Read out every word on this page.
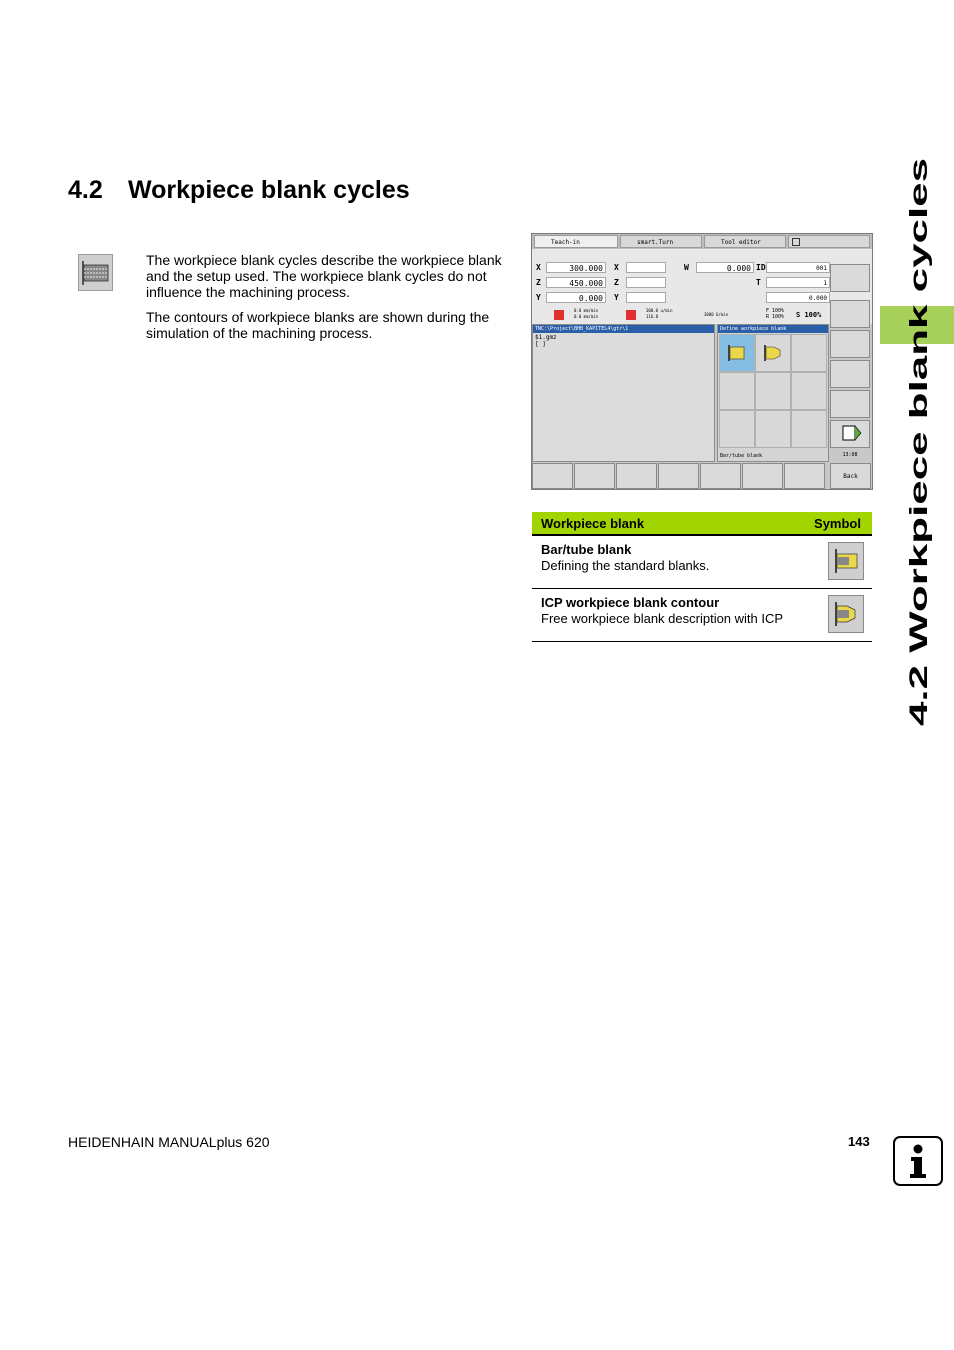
4.2 Workpiece blank cycles
4.2 Workpiece blank cycles

The workpiece blank cycles describe the workpiece blank and the setup used. The workpiece blank cycles do not influence the machining process.

The contours of workpiece blanks are shown during the simulation of the machining process.

Teach-in	smart.Turn	Tool editor
X	300.000	X	W	0.000 ID	001
Z	450.000	Z	T	1
Y	0.000	Y	0.000
0.0 mm/min
0.0 mm/min
300.0 u/min
116.8	3000 U/min
F 100%
R 100% S 100%
TNC:\Project\BHB_KAPITEL4\gtr\1
$1.gmz
[ ]
Define workpiece blank
Bar/tube blank	13:08
Back
Workpiece blank	Symbol
Bar/tube blank
Defining the standard blanks.	
ICP workpiece blank contour
Free workpiece blank description with ICP	
HEIDENHAIN MANUALplus 620	143
